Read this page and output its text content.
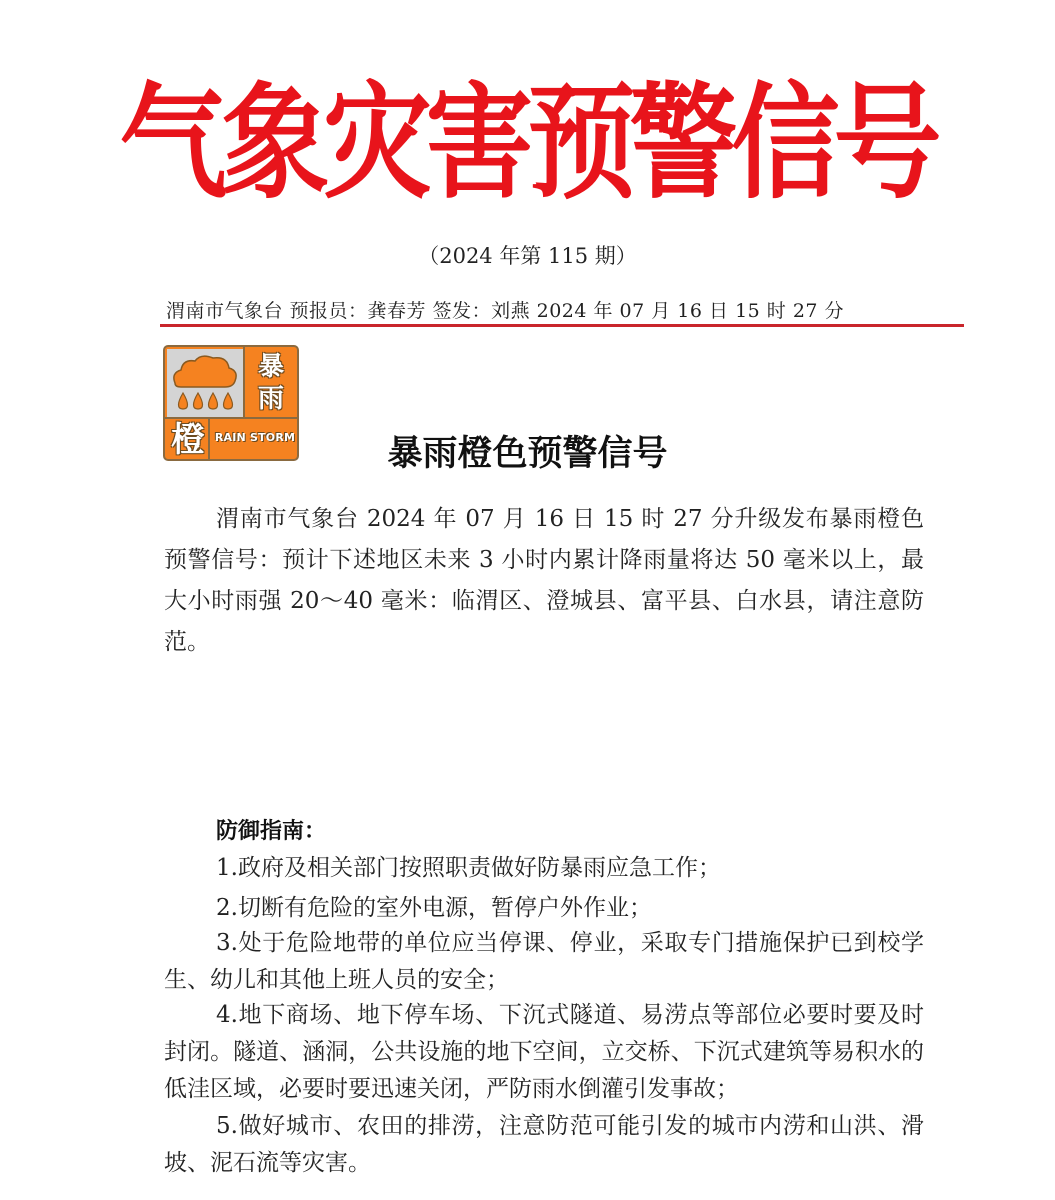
气象灾害预警信号
（2024 年第 115 期）
渭南市气象台 预报员：龚春芳 签发：刘燕 2024 年 07 月 16 日 15 时 27 分
暴
雨
橙 RAIN STORM	暴雨橙色预警信号

渭南市气象台 2024 年 07 月 16 日 15 时 27 分升级发布暴雨橙色预警信号：预计下述地区未来 3 小时内累计降雨量将达 50 毫米以上，最大小时雨强 20～40 毫米：临渭区、澄城县、富平县、白水县，请注意防范。

防御指南：

1.政府及相关部门按照职责做好防暴雨应急工作；

2.切断有危险的室外电源，暂停户外作业；

3.处于危险地带的单位应当停课、停业，采取专门措施保护已到校学生、幼儿和其他上班人员的安全；

4.地下商场、地下停车场、下沉式隧道、易涝点等部位必要时要及时封闭。隧道、涵洞，公共设施的地下空间，立交桥、下沉式建筑等易积水的低洼区域，必要时要迅速关闭，严防雨水倒灌引发事故；

5.做好城市、农田的排涝，注意防范可能引发的城市内涝和山洪、滑坡、泥石流等灾害。
